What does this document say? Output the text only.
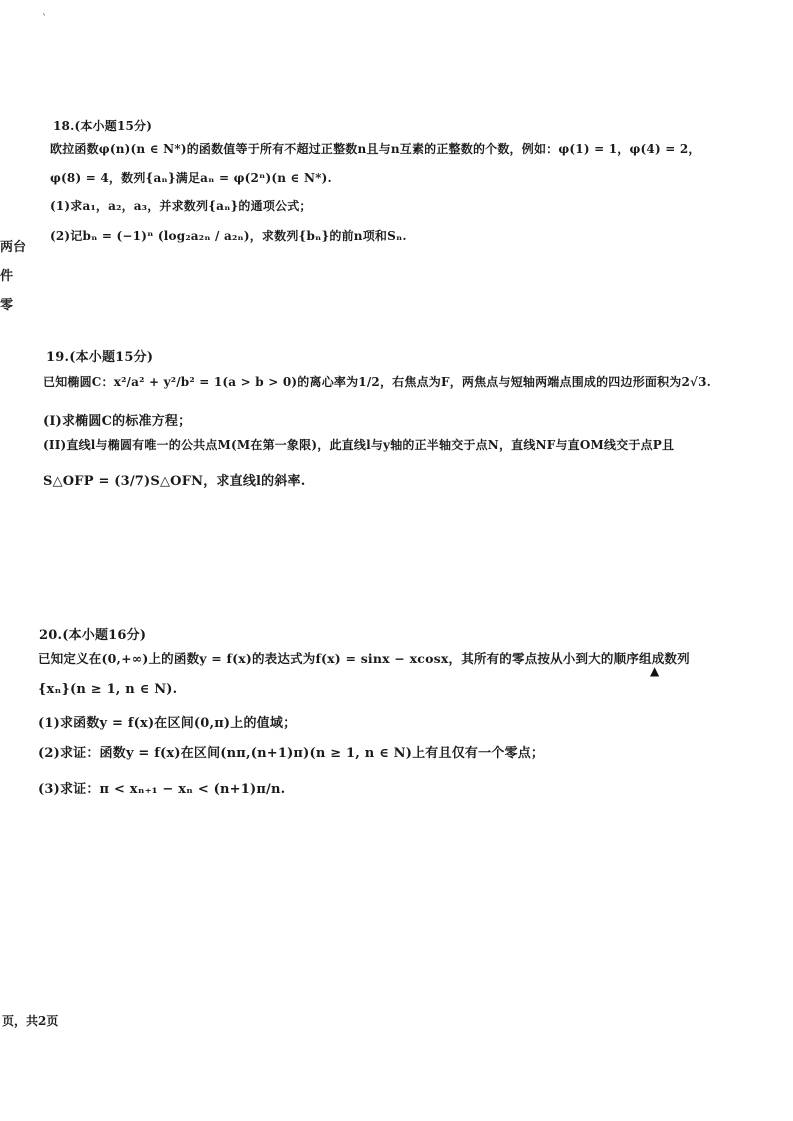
`
两台
件
零
18.(本小题15分)
欧拉函数φ(n)(n ∈ N*)的函数值等于所有不超过正整数n且与n互素的正整数的个数，例如：φ(1) = 1，φ(4) = 2，
φ(8) = 4，数列{aₙ}满足aₙ = φ(2ⁿ)(n ∈ N*).
(1)求a₁，a₂，a₃，并求数列{aₙ}的通项公式；
(2)记bₙ = (−1)ⁿ (log₂a₂ₙ / a₂ₙ)，求数列{bₙ}的前n项和Sₙ.
19.(本小题15分)
已知椭圆C：x²/a² + y²/b² = 1(a > b > 0)的离心率为1/2，右焦点为F，两焦点与短轴两端点围成的四边形面积为2√3.
(I)求椭圆C的标准方程；
(II)直线l与椭圆有唯一的公共点M(M在第一象限)，此直线l与y轴的正半轴交于点N，直线NF与直OM线交于点P且
S△OFP = (3/7)S△OFN，求直线l的斜率.
20.(本小题16分)
已知定义在(0,+∞)上的函数y = f(x)的表达式为f(x) = sinx − xcosx，其所有的零点按从小到大的顺序组成数列
▲
{xₙ}(n ≥ 1, n ∈ N).
(1)求函数y = f(x)在区间(0,π)上的值域；
(2)求证：函数y = f(x)在区间(nπ,(n+1)π)(n ≥ 1, n ∈ N)上有且仅有一个零点；
(3)求证：π < xₙ₊₁ − xₙ < (n+1)π/n.
页，共2页
